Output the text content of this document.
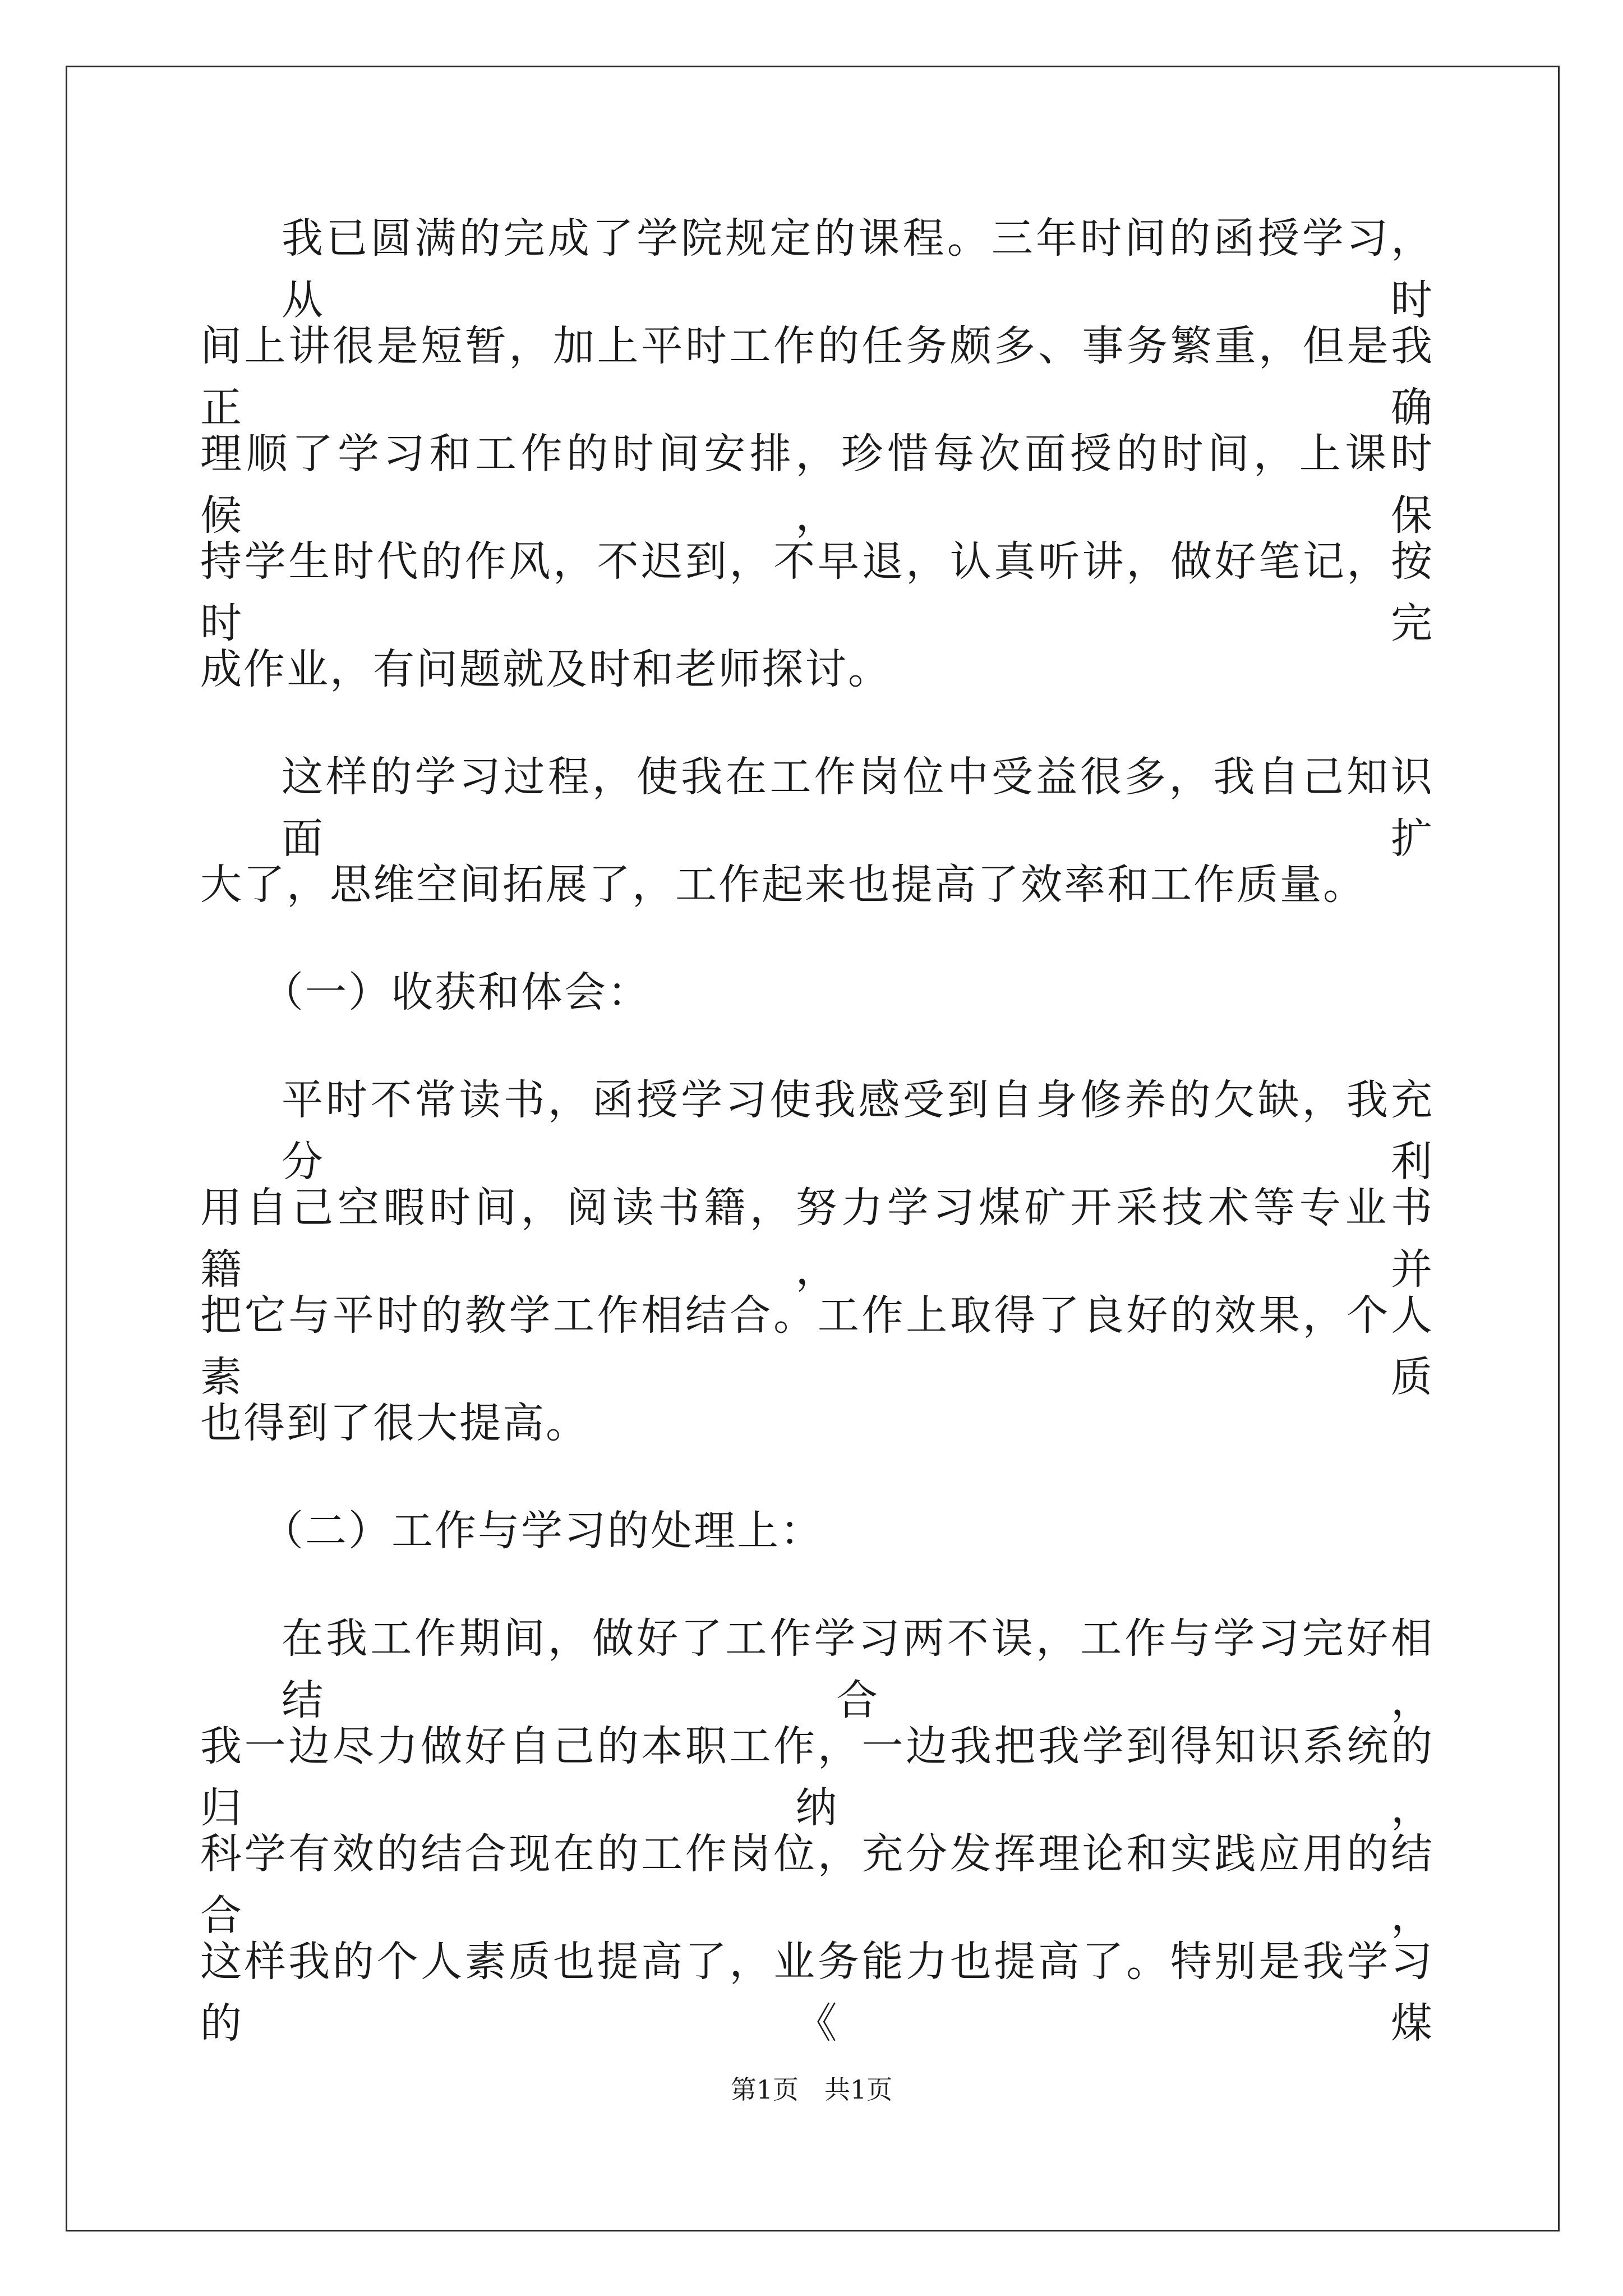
我已圆满的完成了学院规定的课程。三年时间的函授学习，从时
间上讲很是短暂，加上平时工作的任务颇多、事务繁重，但是我正确
理顺了学习和工作的时间安排，珍惜每次面授的时间，上课时候，保
持学生时代的作风，不迟到，不早退，认真听讲，做好笔记，按时完
成作业，有问题就及时和老师探讨。
这样的学习过程，使我在工作岗位中受益很多，我自己知识面扩
大了，思维空间拓展了，工作起来也提高了效率和工作质量。
（一）收获和体会：
平时不常读书，函授学习使我感受到自身修养的欠缺，我充分利
用自己空暇时间，阅读书籍，努力学习煤矿开采技术等专业书籍，并
把它与平时的教学工作相结合。工作上取得了良好的效果，个人素质
也得到了很大提高。
（二）工作与学习的处理上：
在我工作期间，做好了工作学习两不误，工作与学习完好相结合，
我一边尽力做好自己的本职工作，一边我把我学到得知识系统的归纳，
科学有效的结合现在的工作岗位，充分发挥理论和实践应用的结合，
这样我的个人素质也提高了，业务能力也提高了。特别是我学习的《煤
第1页　共1页
